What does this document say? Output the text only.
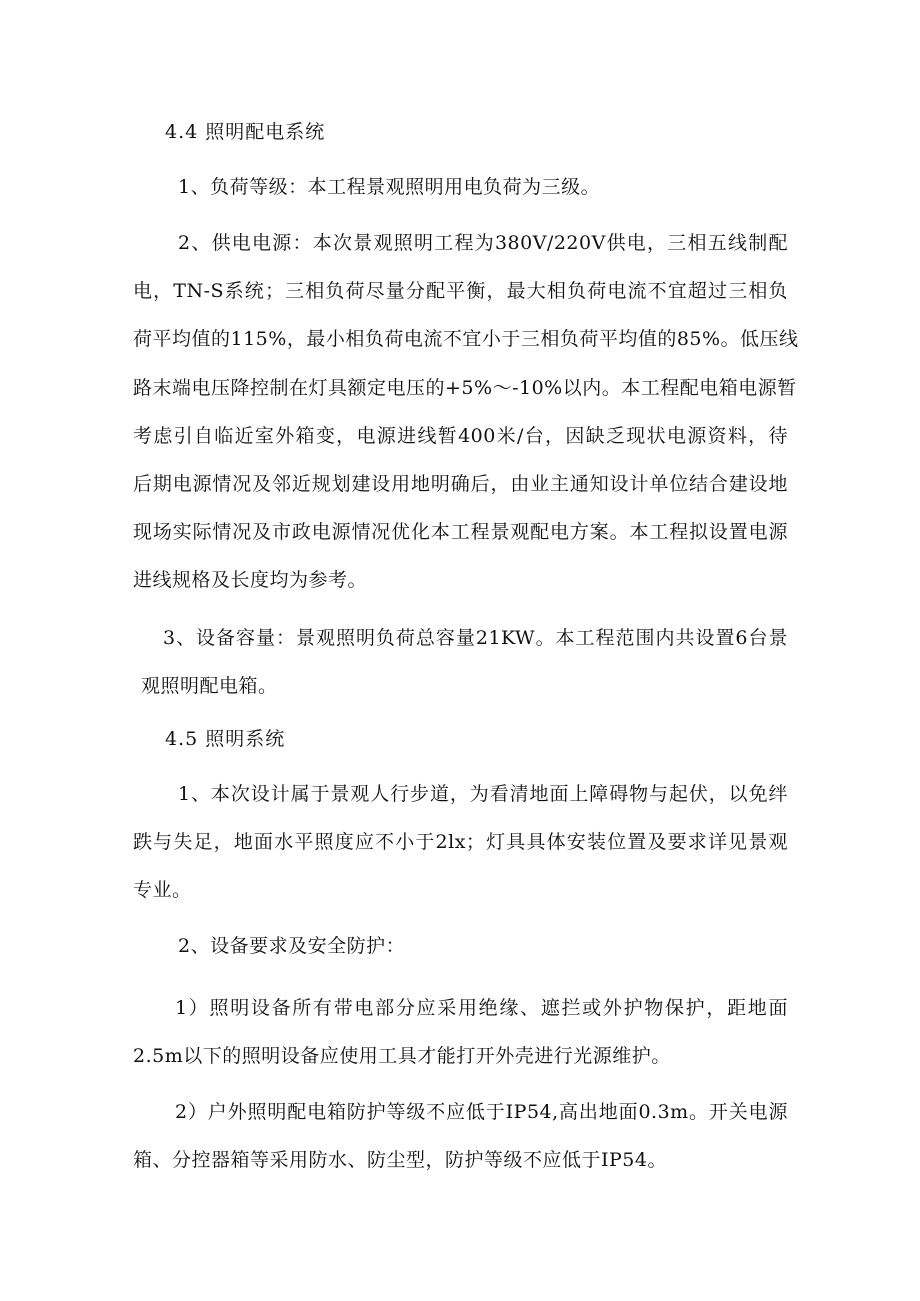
4.4 照明配电系统
1、负荷等级：本工程景观照明用电负荷为三级。
2、供电电源：本次景观照明工程为380V/220V供电，三相五线制配
电，TN-S系统；三相负荷尽量分配平衡，最大相负荷电流不宜超过三相负
荷平均值的115%，最小相负荷电流不宜小于三相负荷平均值的85%。低压线
路末端电压降控制在灯具额定电压的+5%～-10%以内。本工程配电箱电源暂
考虑引自临近室外箱变，电源进线暂400米/台，因缺乏现状电源资料，待
后期电源情况及邻近规划建设用地明确后，由业主通知设计单位结合建设地
现场实际情况及市政电源情况优化本工程景观配电方案。本工程拟设置电源
进线规格及长度均为参考。
3、设备容量：景观照明负荷总容量21KW。本工程范围内共设置6台景
观照明配电箱。
4.5 照明系统
1、本次设计属于景观人行步道，为看清地面上障碍物与起伏，以免绊
跌与失足，地面水平照度应不小于2lx；灯具具体安装位置及要求详见景观
专业。
2、设备要求及安全防护：
1）照明设备所有带电部分应采用绝缘、遮拦或外护物保护，距地面
2.5m以下的照明设备应使用工具才能打开外壳进行光源维护。
2）户外照明配电箱防护等级不应低于IP54,高出地面0.3m。开关电源
箱、分控器箱等采用防水、防尘型，防护等级不应低于IP54。
